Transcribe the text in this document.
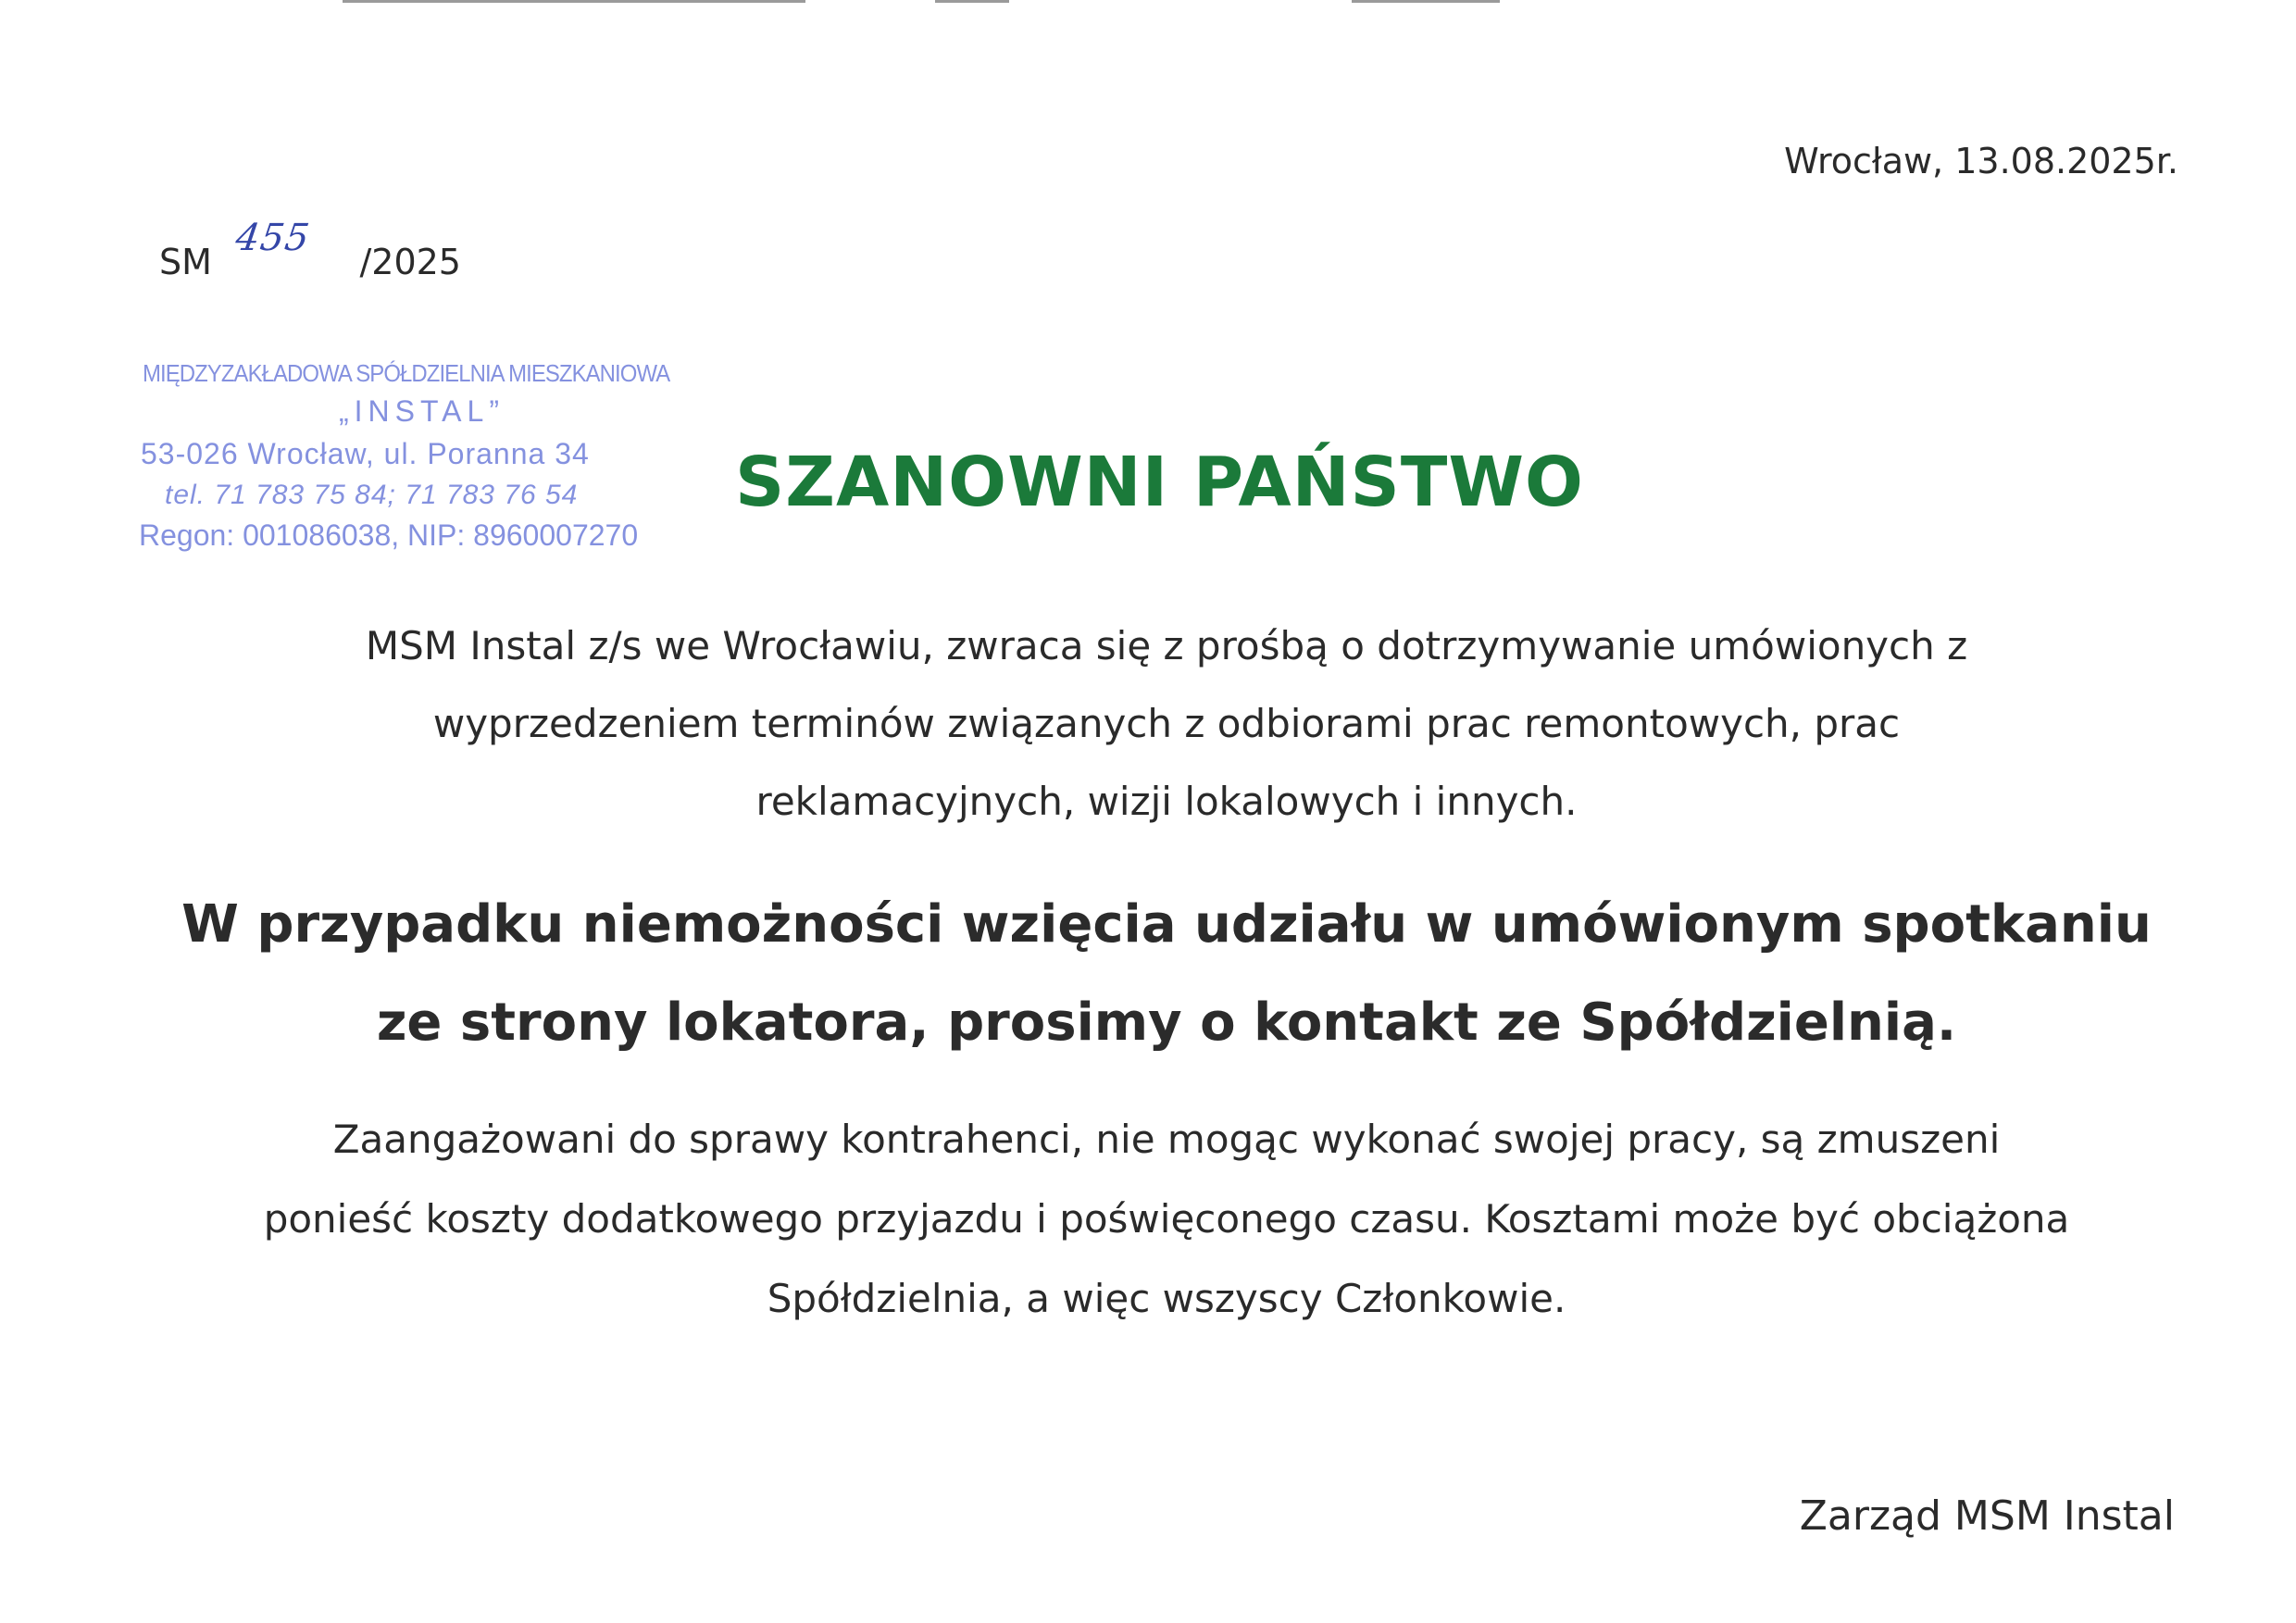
Wrocław, 13.08.2025r.
SM 455 /2025
MIĘDZYZAKŁADOWA SPÓŁDZIELNIA MIESZKANIOWA
„INSTAL”
53-026 Wrocław, ul. Poranna 34
tel. 71 783 75 84; 71 783 76 54
Regon: 001086038, NIP: 8960007270
SZANOWNI PAŃSTWO
MSM Instal z/s we Wrocławiu, zwraca się z prośbą o dotrzymywanie umówionych z
wyprzedzeniem terminów związanych z odbiorami prac remontowych, prac
reklamacyjnych, wizji lokalowych i innych.
W przypadku niemożności wzięcia udziału w umówionym spotkaniu
ze strony lokatora, prosimy o kontakt ze Spółdzielnią.
Zaangażowani do sprawy kontrahenci, nie mogąc wykonać swojej pracy, są zmuszeni
ponieść koszty dodatkowego przyjazdu i poświęconego czasu. Kosztami może być obciążona
Spółdzielnia, a więc wszyscy Członkowie.
Zarząd MSM Instal
